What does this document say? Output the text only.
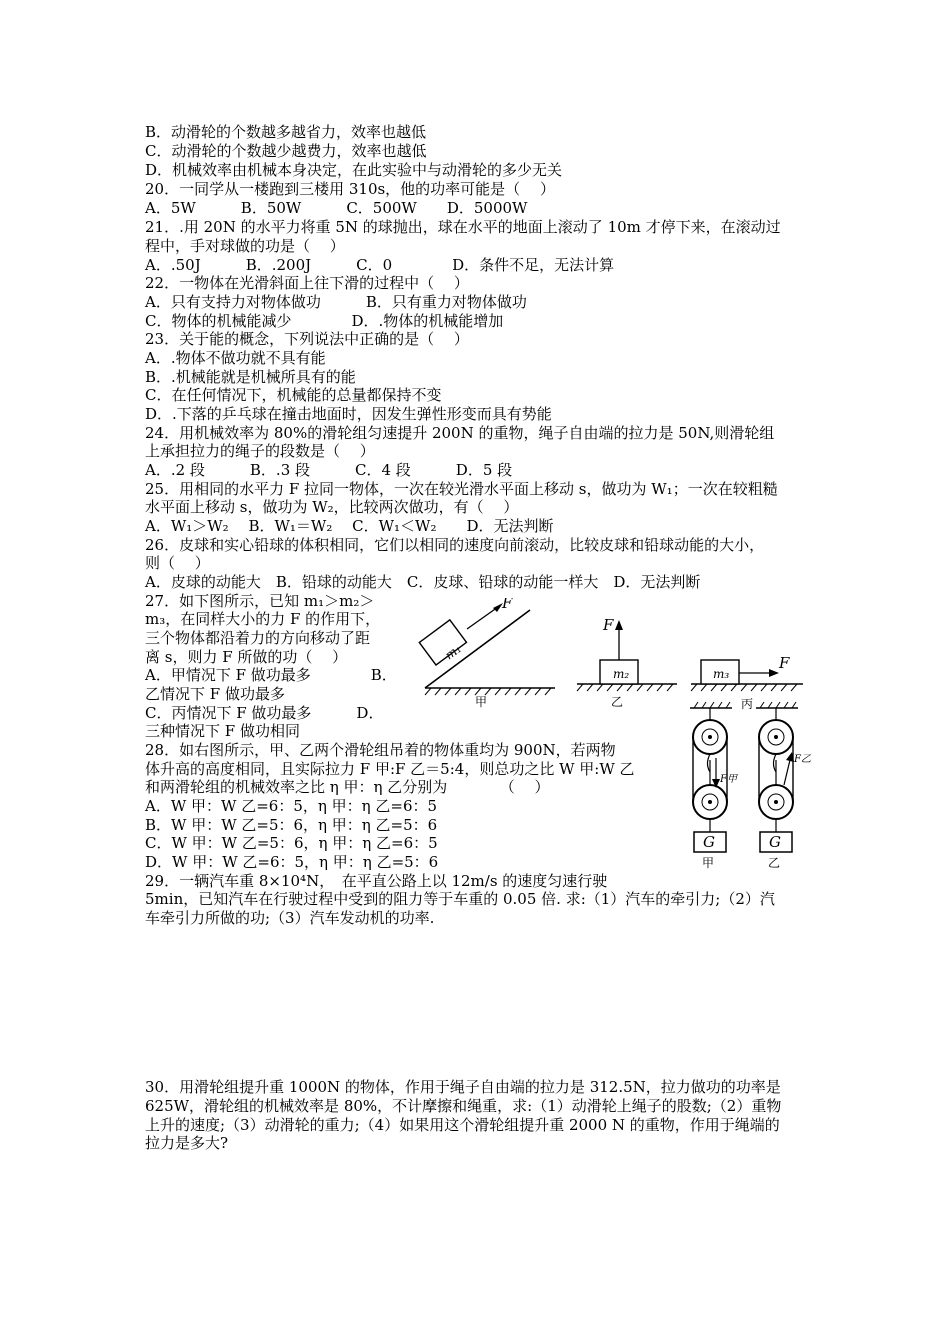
B．动滑轮的个数越多越省力，效率也越低
C．动滑轮的个数越少越费力，效率也越低
D．机械效率由机械本身决定，在此实验中与动滑轮的多少无关
20．一同学从一楼跑到三楼用 310s，他的功率可能是（　 ）
A．5W　　　B．50W　　　C．500W　　D．5000W
21．.用 20N 的水平力将重 5N 的球抛出，球在水平的地面上滚动了 10m 才停下来，在滚动过
程中，手对球做的功是（　 ）
A．.50J　　　B．.200J　　　C．0　　　　D．条件不足，无法计算
22．一物体在光滑斜面上往下滑的过程中（　 ）
A．只有支持力对物体做功　　　B．只有重力对物体做功
C．物体的机械能减少　　　　D．.物体的机械能增加
23．关于能的概念，下列说法中正确的是（　 ）
A．.物体不做功就不具有能
B．.机械能就是机械所具有的能
C．在任何情况下，机械能的总量都保持不变
D．.下落的乒乓球在撞击地面时，因发生弹性形变而具有势能
24．用机械效率为 80%的滑轮组匀速提升 200N 的重物，绳子自由端的拉力是 50N,则滑轮组
上承担拉力的绳子的段数是（　 ）
A．.2 段　　　B．.3 段　　　C．4 段　　　D．5 段
25．用相同的水平力 F 拉同一物体，一次在较光滑水平面上移动 s，做功为 W₁；一次在较粗糙
水平面上移动 s，做功为 W₂，比较两次做功，有（　 ）
A．W₁＞W₂　 B．W₁＝W₂　 C．W₁＜W₂　　D．无法判断
26．皮球和实心铅球的体积相同，它们以相同的速度向前滚动，比较皮球和铅球动能的大小，
则（　 ）
A．皮球的动能大　B．铅球的动能大　C．皮球、铅球的动能一样大　D．无法判断
27．如下图所示，已知 m₁＞m₂＞
m₃，在同样大小的力 F 的作用下，
三个物体都沿着力的方向移动了距
离 s，则力 F 所做的功（　 ）
A．甲情况下 F 做功最多　　　　B．
乙情况下 F 做功最多
C．丙情况下 F 做功最多　　　D．
三种情况下 F 做功相同
28．如右图所示，甲、乙两个滑轮组吊着的物体重均为 900N，若两物
体升高的高度相同，且实际拉力 F 甲:F 乙＝5:4，则总功之比 W 甲:W 乙
和两滑轮组的机械效率之比 η 甲：η 乙分别为　　　　（　 ）
A．W 甲：W 乙=6：5，η 甲：η 乙=6：5
B．W 甲：W 乙=5：6，η 甲：η 乙=5：6
C．W 甲：W 乙=5：6，η 甲：η 乙=6：5
D．W 甲：W 乙=6：5，η 甲：η 乙=5：6
29．一辆汽车重 8×10⁴N，　在平直公路上以 12m/s 的速度匀速行驶
5min，已知汽车在行驶过程中受到的阻力等于车重的 0.05 倍. 求:（1）汽车的牵引力;（2）汽
车牵引力所做的功;（3）汽车发动机的功率.
30．用滑轮组提升重 1000N 的物体，作用于绳子自由端的拉力是 312.5N，拉力做功的功率是
625W，滑轮组的机械效率是 80%，不计摩擦和绳重，求:（1）动滑轮上绳子的股数;（2）重物
上升的速度;（3）动滑轮的重力;（4）如果用这个滑轮组提升重 2000 N 的重物，作用于绳端的
拉力是多大?
m₁
F
甲
m₂
F
乙
m₃
F
丙
F甲
G
甲
F乙
G
乙
